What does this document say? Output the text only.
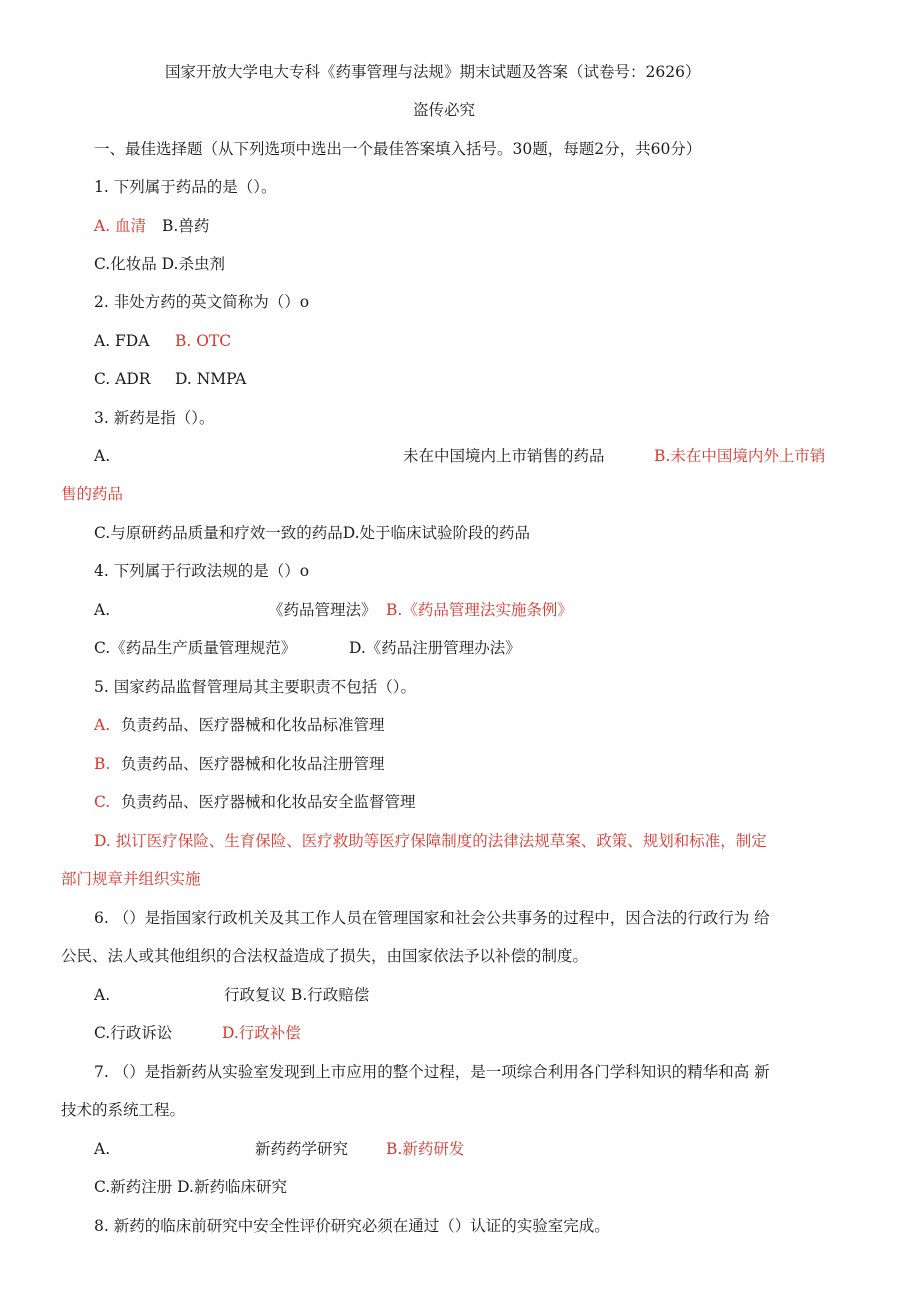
国家开放大学电大专科《药事管理与法规》期末试题及答案（试卷号：2626）
盗传必究
一、最佳选择题（从下列选项中选出一个最佳答案填入括号。30题，每题2分，共60分）
1. 下列属于药品的是（）。
A. 血清 B.兽药
C.化妆品 D.杀虫剂
2. 非处方药的英文简称为（）o
A. FDA B. OTC
C. ADR D. NMPA
3. 新药是指（）。
A.	未在中国境内上市销售的药品	B.未在中国境内外上市销
售的药品
C.与原研药品质量和疗效一致的药品D.处于临床试验阶段的药品
4. 下列属于行政法规的是（）o
A.	《药品管理法》 B.《药品管理法实施条例》
C.《药品生产质量管理规范》	D.《药品注册管理办法》
5. 国家药品监督管理局其主要职责不包括（）。
A. 负责药品、医疗器械和化妆品标准管理
B. 负责药品、医疗器械和化妆品注册管理
C. 负责药品、医疗器械和化妆品安全监督管理
D. 拟订医疗保险、生育保险、医疗救助等医疗保障制度的法律法规草案、政策、规划和标准，制定
部门规章并组织实施
6. （）是指国家行政机关及其工作人员在管理国家和社会公共事务的过程中，因合法的行政行为 给
公民、法人或其他组织的合法权益造成了损失，由国家依法予以补偿的制度。
A.	行政复议 B.行政赔偿
C.行政诉讼	D.行政补偿
7. （）是指新药从实验室发现到上市应用的整个过程，是一项综合利用各门学科知识的精华和高 新
技术的系统工程。
A.	新药药学研究 B.新药研发
C.新药注册 D.新药临床研究
8. 新药的临床前研究中安全性评价研究必须在通过（）认证的实验室完成。
